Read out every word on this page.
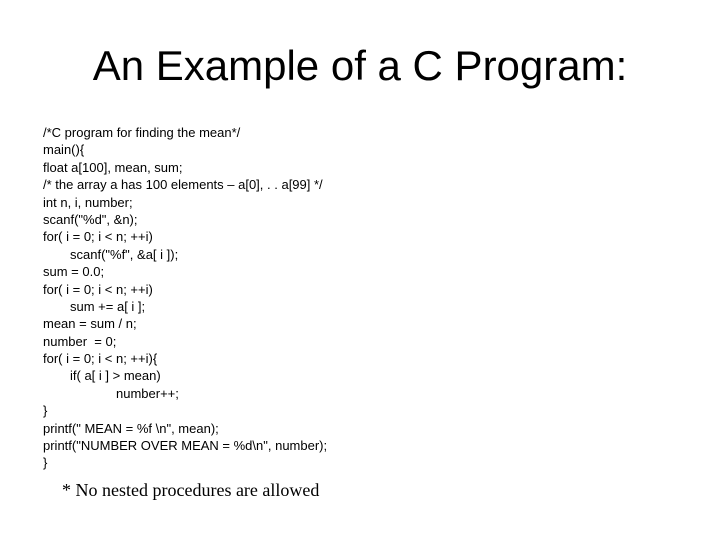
An Example of a C Program:
/*C program for finding the mean*/
main(){
float a[100], mean, sum;
/* the array a has 100 elements – a[0], . . a[99] */
int n, i, number;
scanf("%d", &n);
for( i = 0; i < n; ++i)
scanf("%f", &a[ i ]);
sum = 0.0;
for( i = 0; i < n; ++i)
sum += a[ i ];
mean = sum / n;
number  = 0;
for( i = 0; i < n; ++i){
if( a[ i ] > mean)
number++;
}
printf(" MEAN = %f \n", mean);
printf("NUMBER OVER MEAN = %d\n", number);
}

* No nested procedures are allowed
